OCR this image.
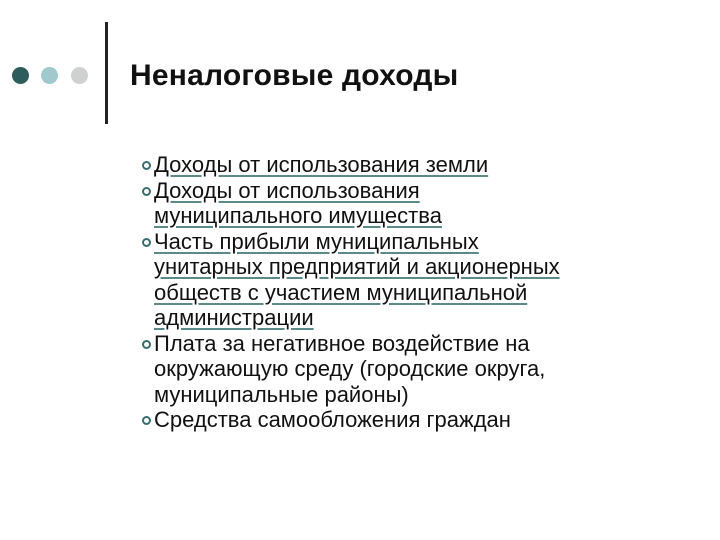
Неналоговые доходы
Доходы от использования земли
Доходы от использования
муниципального имущества
Часть прибыли муниципальных
унитарных предприятий и акционерных
обществ с участием муниципальной
администрации
Плата за негативное воздействие на
окружающую среду (городские округа,
муниципальные районы)
Средства самообложения граждан
